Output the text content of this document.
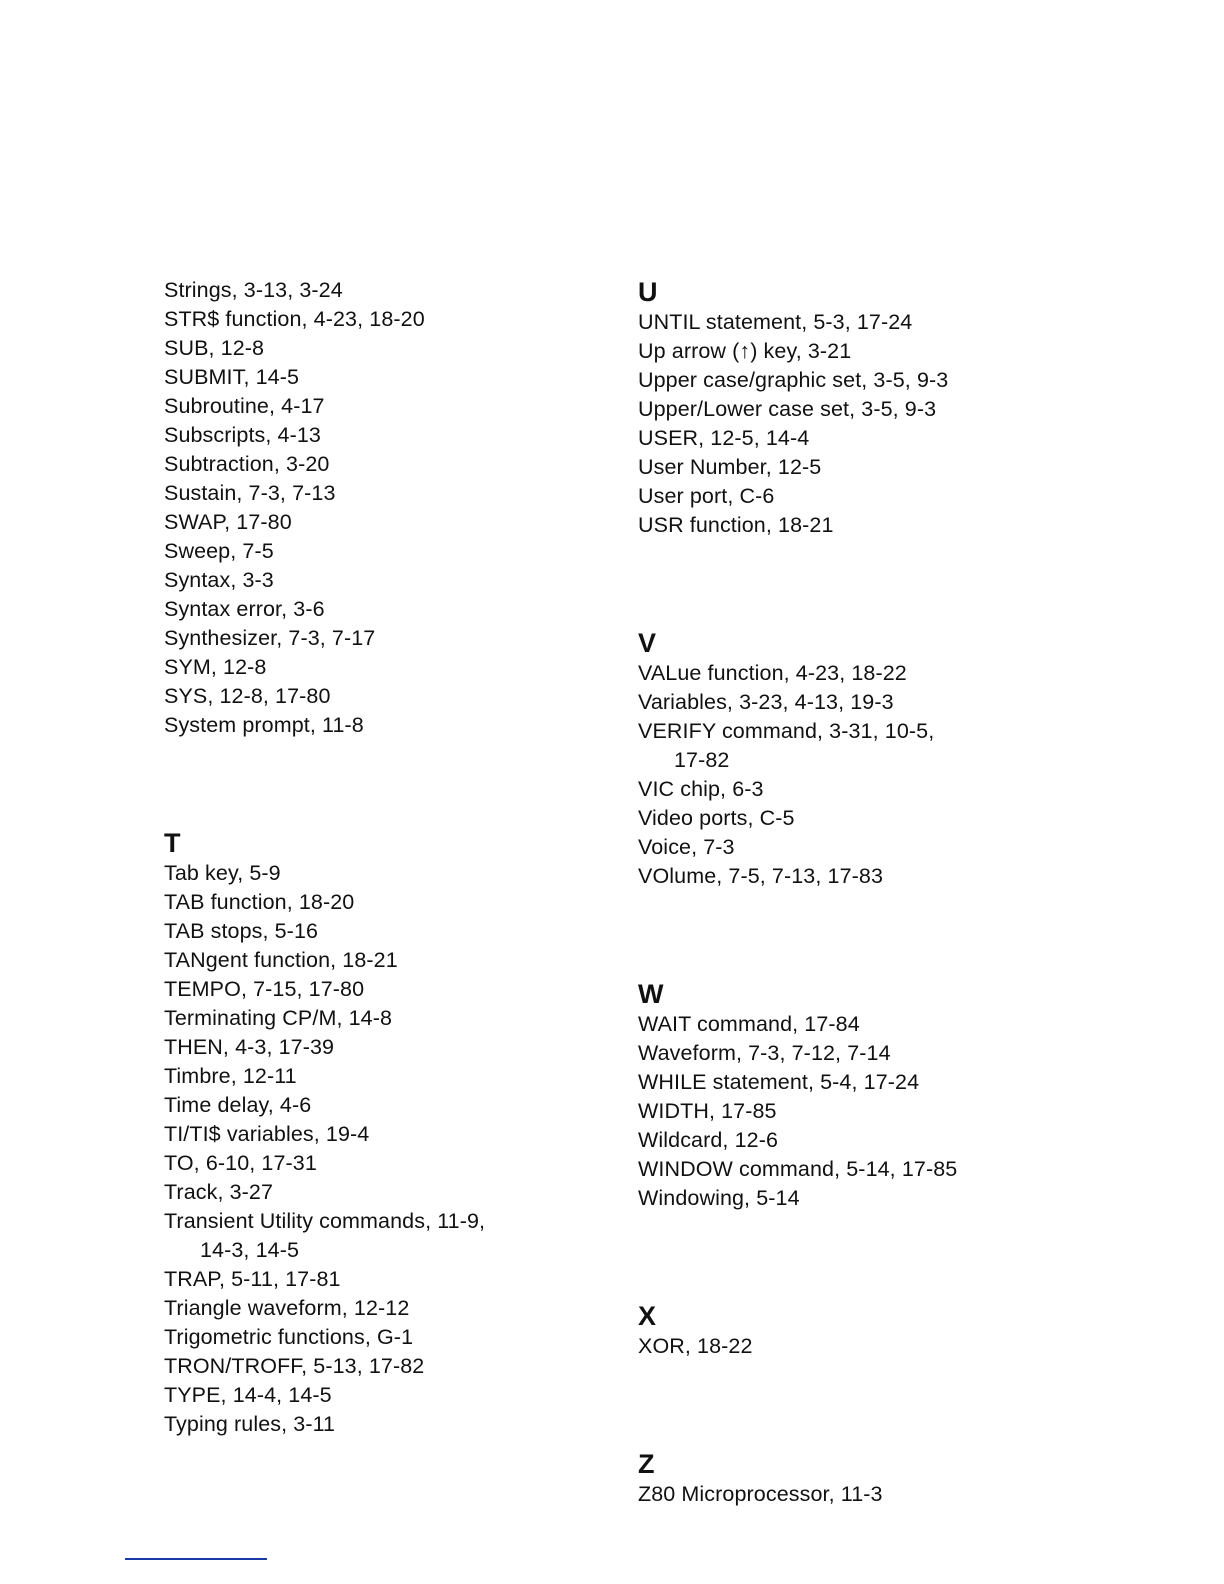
Strings, 3-13, 3-24
STR$ function, 4-23, 18-20
SUB, 12-8
SUBMIT, 14-5
Subroutine, 4-17
Subscripts, 4-13
Subtraction, 3-20
Sustain, 7-3, 7-13
SWAP, 17-80
Sweep, 7-5
Syntax, 3-3
Syntax error, 3-6
Synthesizer, 7-3, 7-17
SYM, 12-8
SYS, 12-8, 17-80
System prompt, 11-8
T
Tab key, 5-9
TAB function, 18-20
TAB stops, 5-16
TANgent function, 18-21
TEMPO, 7-15, 17-80
Terminating CP/M, 14-8
THEN, 4-3, 17-39
Timbre, 12-11
Time delay, 4-6
TI/TI$ variables, 19-4
TO, 6-10, 17-31
Track, 3-27
Transient Utility commands, 11-9,
14-3, 14-5
TRAP, 5-11, 17-81
Triangle waveform, 12-12
Trigometric functions, G-1
TRON/TROFF, 5-13, 17-82
TYPE, 14-4, 14-5
Typing rules, 3-11
U
UNTIL statement, 5-3, 17-24
Up arrow (↑) key, 3-21
Upper case/graphic set, 3-5, 9-3
Upper/Lower case set, 3-5, 9-3
USER, 12-5, 14-4
User Number, 12-5
User port, C-6
USR function, 18-21
V
VALue function, 4-23, 18-22
Variables, 3-23, 4-13, 19-3
VERIFY command, 3-31, 10-5,
17-82
VIC chip, 6-3
Video ports, C-5
Voice, 7-3
VOlume, 7-5, 7-13, 17-83
W
WAIT command, 17-84
Waveform, 7-3, 7-12, 7-14
WHILE statement, 5-4, 17-24
WIDTH, 17-85
Wildcard, 12-6
WINDOW command, 5-14, 17-85
Windowing, 5-14
X
XOR, 18-22
Z
Z80 Microprocessor, 11-3
